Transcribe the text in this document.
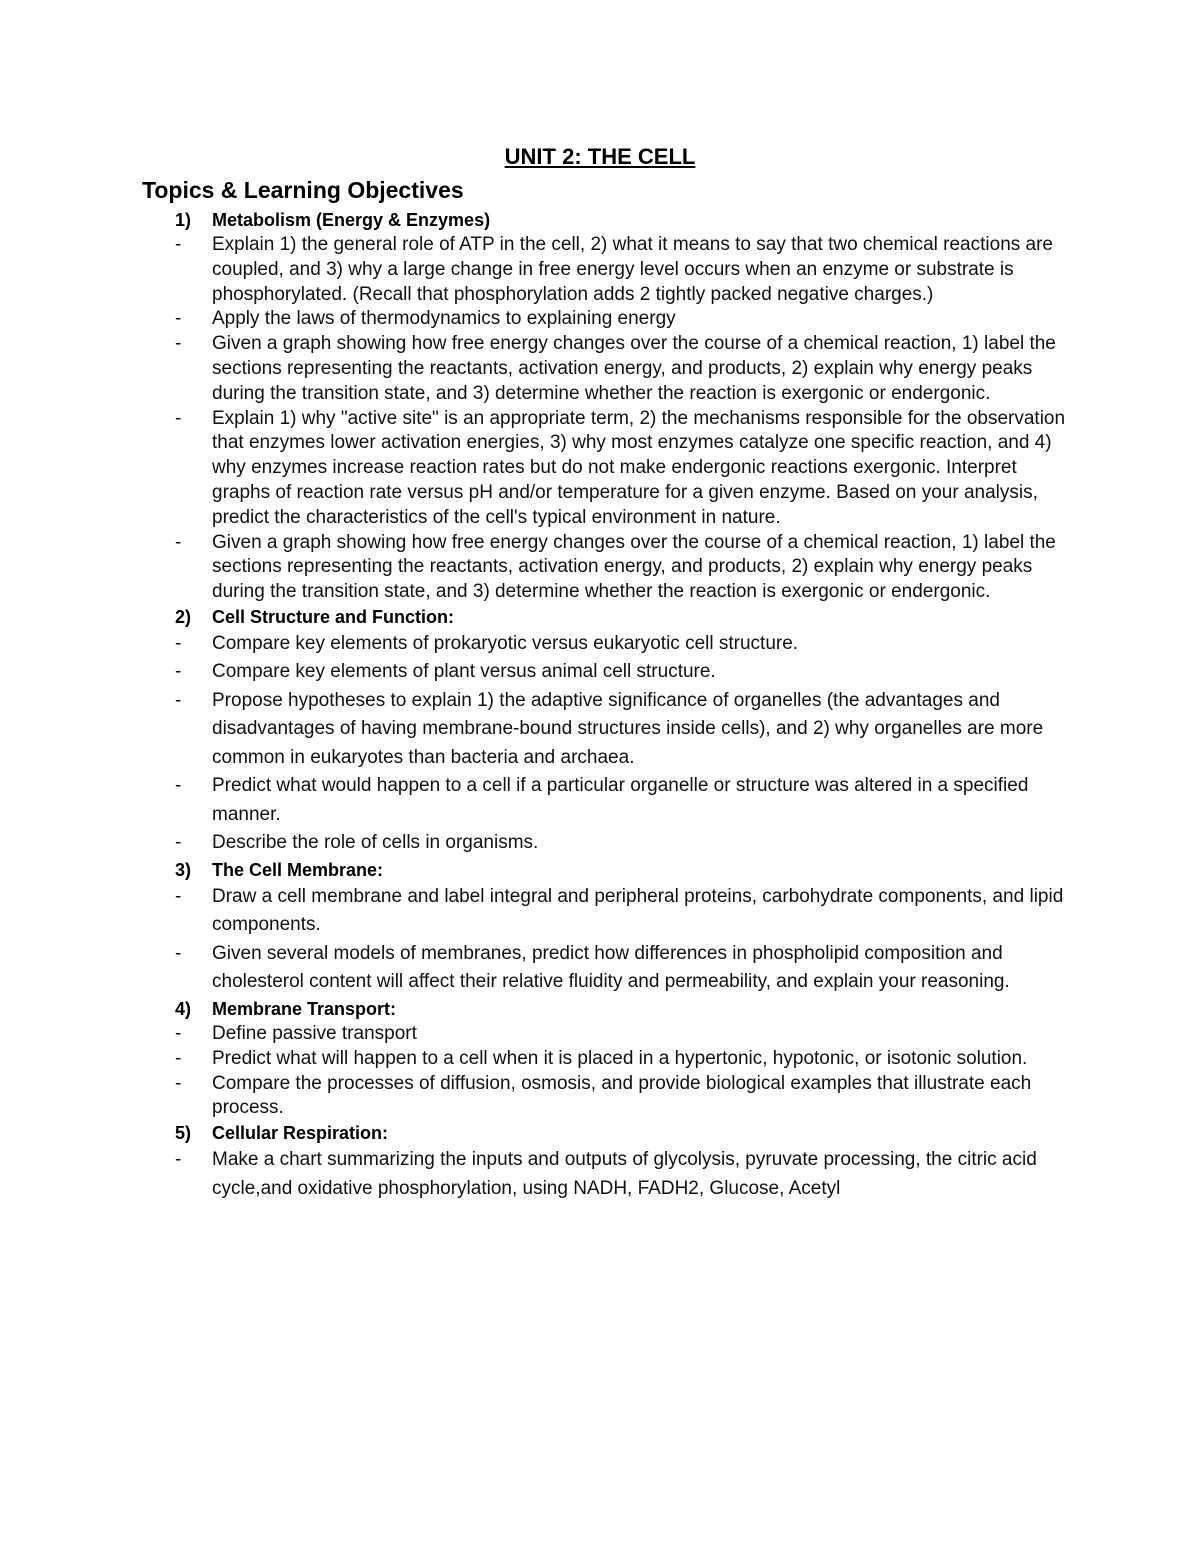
UNIT 2: THE CELL
Topics & Learning Objectives
1) Metabolism (Energy & Enzymes)
- Explain 1) the general role of ATP in the cell, 2) what it means to say that two chemical reactions are coupled, and 3) why a large change in free energy level occurs when an enzyme or substrate is phosphorylated. (Recall that phosphorylation adds 2 tightly packed negative charges.)
- Apply the laws of thermodynamics to explaining energy
- Given a graph showing how free energy changes over the course of a chemical reaction, 1) label the sections representing the reactants, activation energy, and products, 2) explain why energy peaks during the transition state, and 3) determine whether the reaction is exergonic or endergonic.
- Explain 1) why "active site" is an appropriate term, 2) the mechanisms responsible for the observation that enzymes lower activation energies, 3) why most enzymes catalyze one specific reaction, and 4) why enzymes increase reaction rates but do not make endergonic reactions exergonic. Interpret graphs of reaction rate versus pH and/or temperature for a given enzyme. Based on your analysis, predict the characteristics of the cell's typical environment in nature.
- Given a graph showing how free energy changes over the course of a chemical reaction, 1) label the sections representing the reactants, activation energy, and products, 2) explain why energy peaks during the transition state, and 3) determine whether the reaction is exergonic or endergonic.
2) Cell Structure and Function:
- Compare key elements of prokaryotic versus eukaryotic cell structure.
- Compare key elements of plant versus animal cell structure.
- Propose hypotheses to explain 1) the adaptive significance of organelles (the advantages and disadvantages of having membrane-bound structures inside cells), and 2) why organelles are more common in eukaryotes than bacteria and archaea.
- Predict what would happen to a cell if a particular organelle or structure was altered in a specified manner.
- Describe the role of cells in organisms.
3) The Cell Membrane:
- Draw a cell membrane and label integral and peripheral proteins, carbohydrate components, and lipid components.
- Given several models of membranes, predict how differences in phospholipid composition and cholesterol content will affect their relative fluidity and permeability, and explain your reasoning.
4) Membrane Transport:
- Define passive transport
- Predict what will happen to a cell when it is placed in a hypertonic, hypotonic, or isotonic solution.
- Compare the processes of diffusion, osmosis, and provide biological examples that illustrate each process.
5) Cellular Respiration:
- Make a chart summarizing the inputs and outputs of glycolysis, pyruvate processing, the citric acid cycle,and oxidative phosphorylation, using NADH, FADH2, Glucose, Acetyl
